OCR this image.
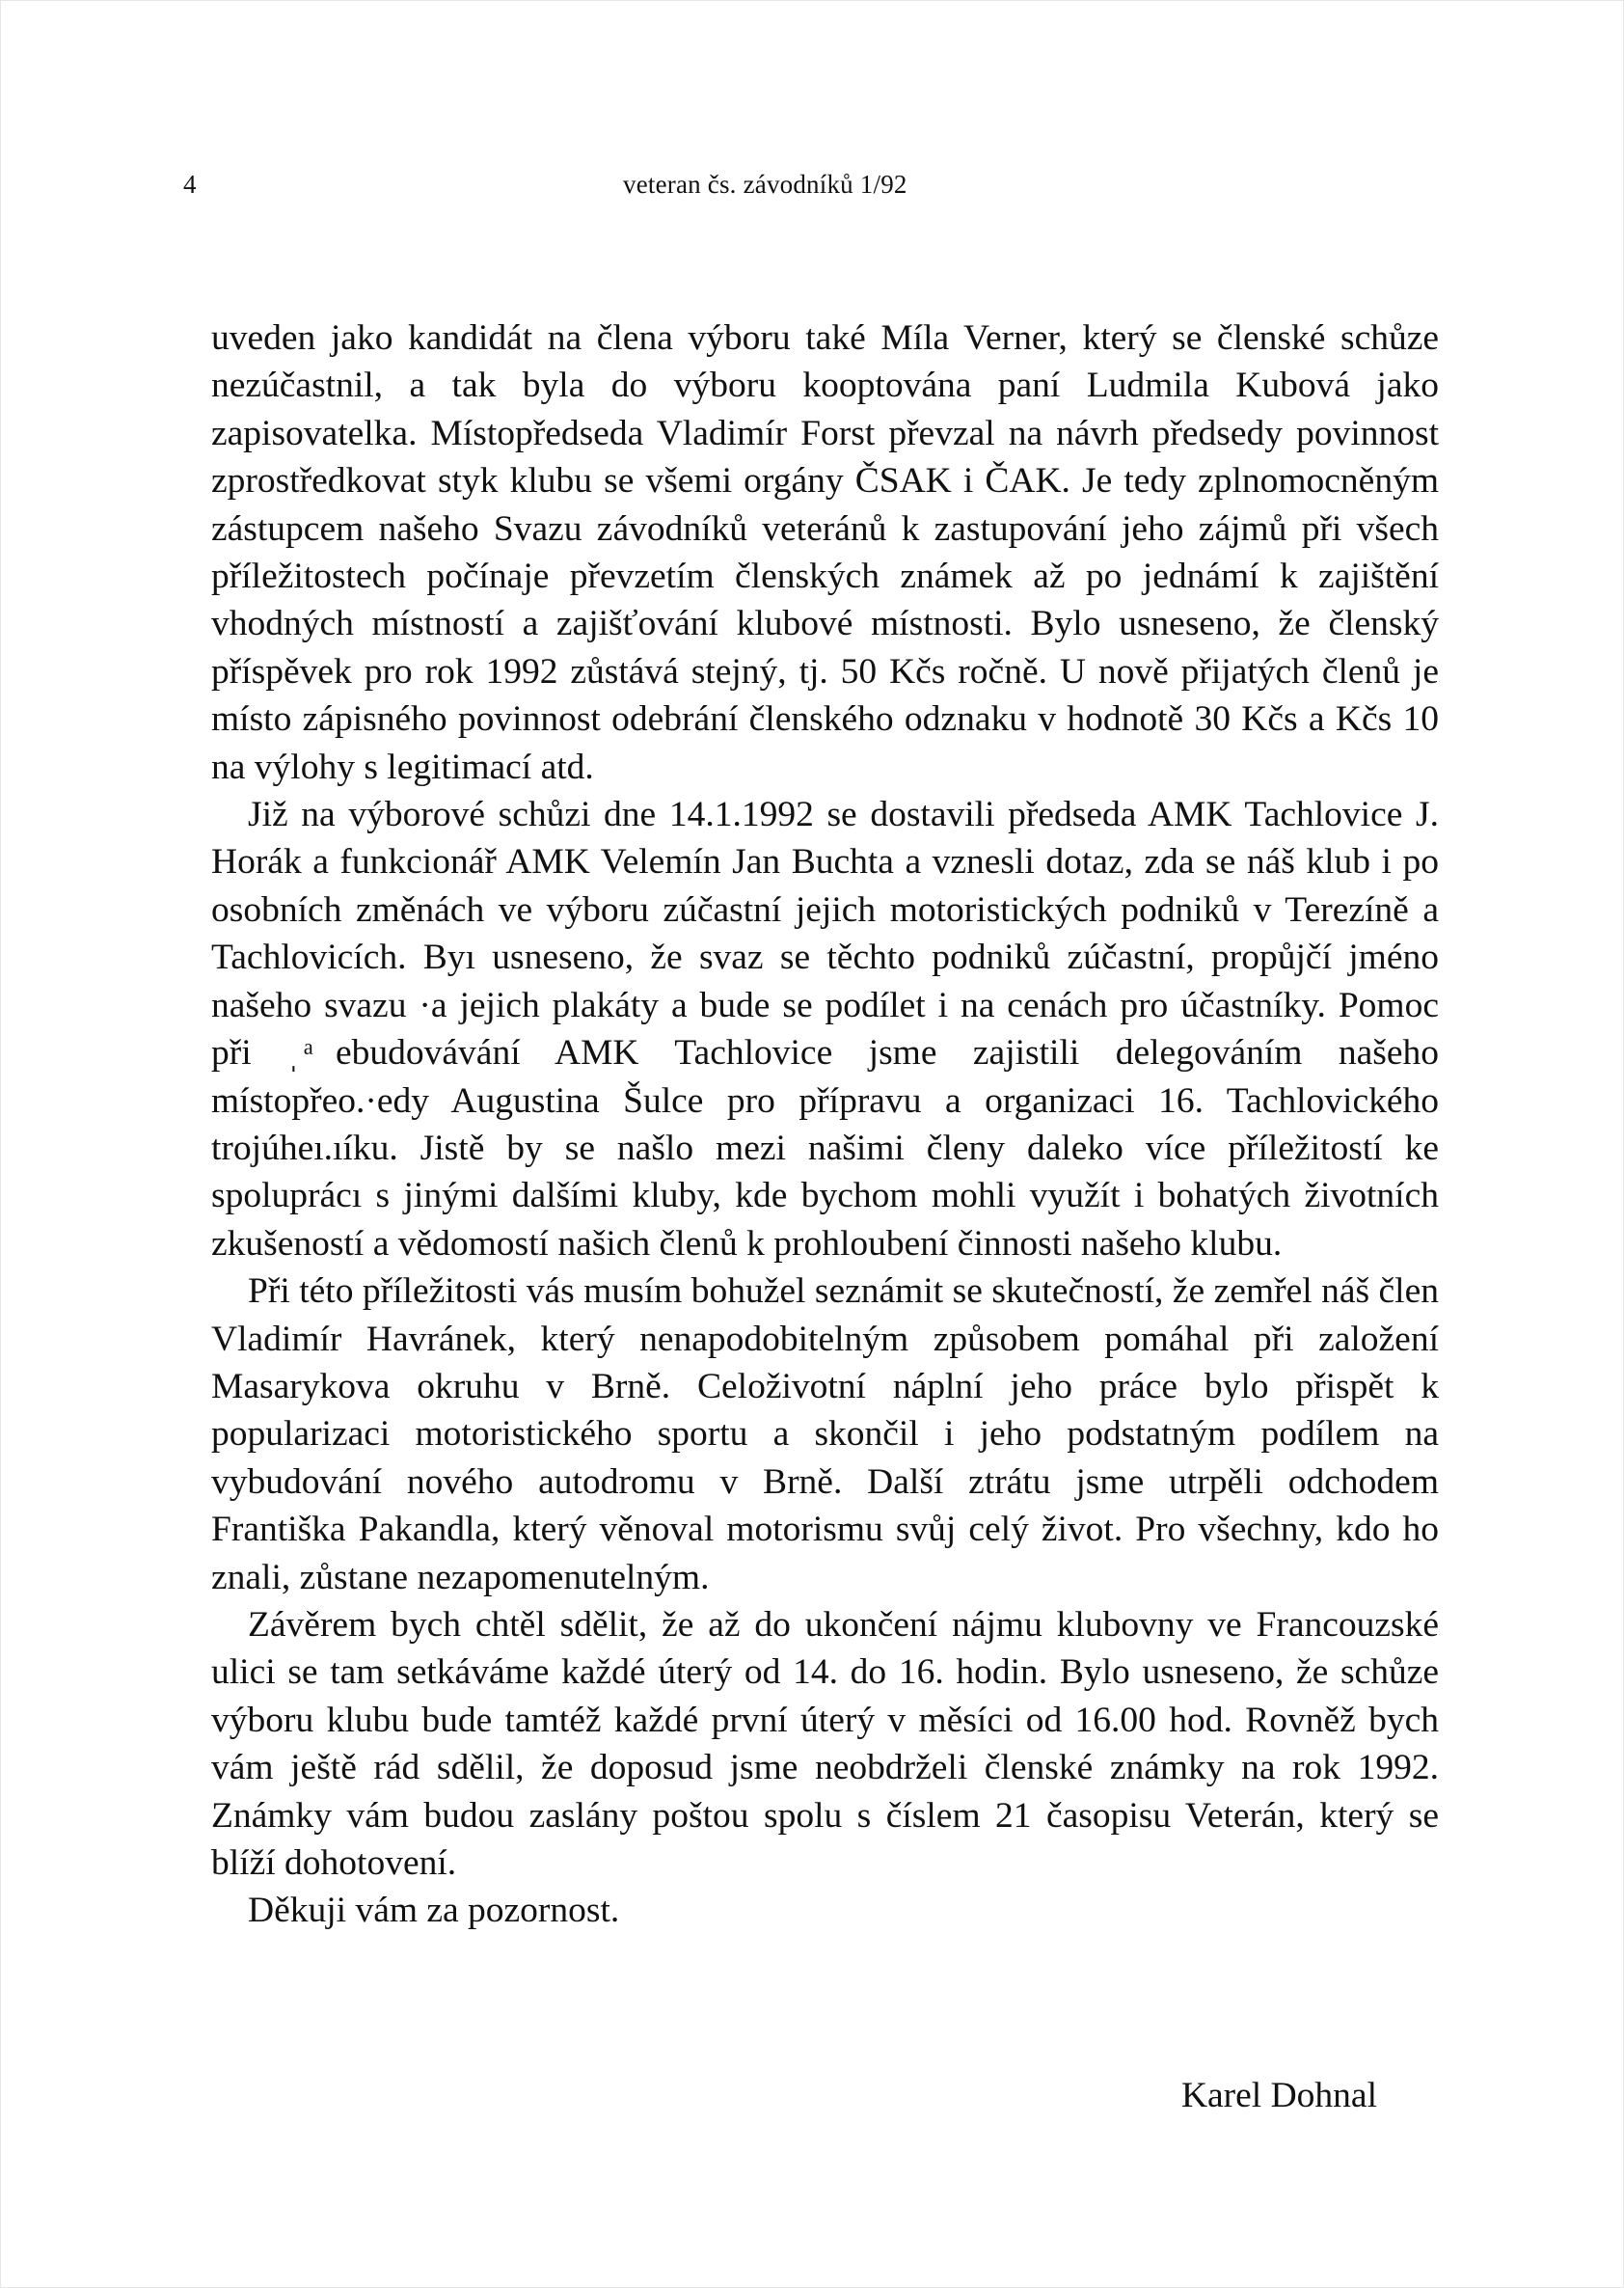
4	veteran čs. závodníků 1/92

uveden jako kandidát na člena výboru také Míla Verner, který se členské schůze nezúčastnil, a tak byla do výboru kooptována paní Ludmila Kubová jako zapisovatelka. Místopředseda Vladimír Forst převzal na návrh předsedy povinnost zprostředkovat styk klubu se všemi orgány ČSAK i ČAK. Je tedy zplnomocněným zástupcem našeho Svazu závodníků veteránů k zastupování jeho zájmů při všech příležitostech počínaje převzetím členských známek až po jednámí k zajištění vhodných místností a zajišťování klubové místnosti. Bylo usneseno, že členský příspěvek pro rok 1992 zůstává stejný, tj. 50 Kčs ročně. U nově přijatých členů je místo zápisného povinnost odebrání členského odznaku v hodnotě 30 Kčs a Kčs 10 na výlohy s legitimací atd.

Již na výborové schůzi dne 14.1.1992 se dostavili předseda AMK Tachlovice J. Horák a funkcionář AMK Velemín Jan Buchta a vznesli dotaz, zda se náš klub i po osobních změnách ve výboru zúčastní jejich motoristických podniků v Terezíně a Tachlovicích. Byı usneseno, že svaz se těchto podniků zúčastní, propůjčí jméno našeho svazu ·a jejich plakáty a bude se podílet i na cenách pro účastníky. Pomoc při ˌ ͣebudovávání AMK Tachlovice jsme zajistili delegováním našeho místopřeo.·edy Augustina Šulce pro přípravu a organizaci 16. Tachlovického trojúheı.ıíku. Jistě by se našlo mezi našimi členy daleko více příležitostí ke spoluprácı s jinými dalšími kluby, kde bychom mohli využít i bohatých životních zkušeností a vědomostí našich členů k prohloubení činnosti našeho klubu.

Při této příležitosti vás musím bohužel seznámit se skutečností, že zemřel náš člen Vladimír Havránek, který nenapodobitelným způsobem pomáhal při založení Masarykova okruhu v Brně. Celoživotní náplní jeho práce bylo přispět k popularizaci motoristického sportu a skončil i jeho podstatným podílem na vybudování nového autodromu v Brně. Další ztrátu jsme utrpěli odchodem Františka Pakandla, který věnoval motorismu svůj celý život. Pro všechny, kdo ho znali, zůstane nezapomenutelným.

Závěrem bych chtěl sdělit, že až do ukončení nájmu klubovny ve Francouzské ulici se tam setkáváme každé úterý od 14. do 16. hodin. Bylo usneseno, že schůze výboru klubu bude tamtéž každé první úterý v měsíci od 16.00 hod. Rovněž bych vám ještě rád sdělil, že doposud jsme neobdrželi členské známky na rok 1992. Známky vám budou zaslány poštou spolu s číslem 21 časopisu Veterán, který se blíží dohotovení.

Děkuji vám za pozornost.

Karel Dohnal
